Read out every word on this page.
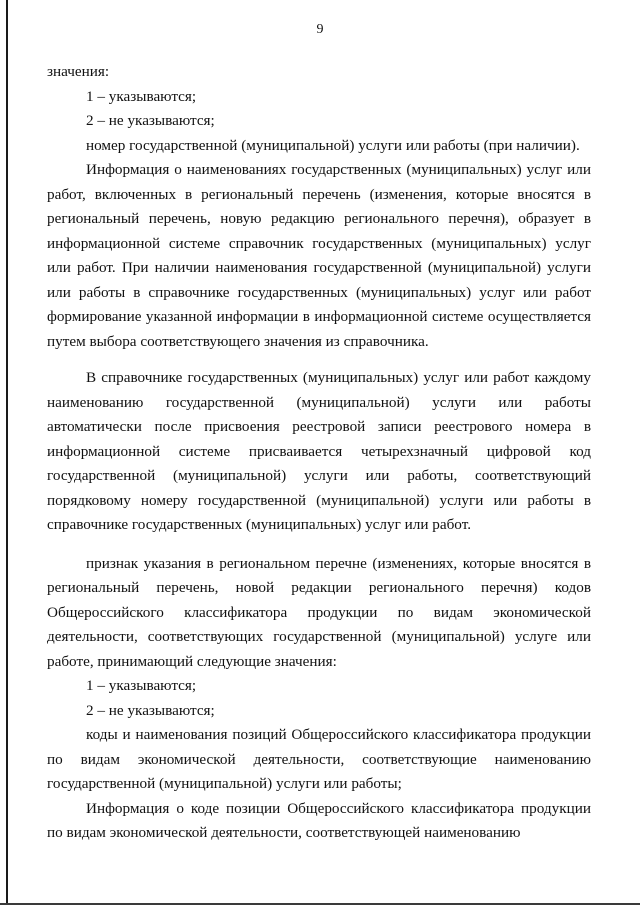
9

значения:

1 – указываются;

2 – не указываются;

номер государственной (муниципальной) услуги или работы (при наличии).

Информация о наименованиях государственных (муниципальных) услуг или работ, включенных в региональный перечень (изменения, которые вносятся в региональный перечень, новую редакцию регионального перечня), образует в информационной системе справочник государственных (муниципальных) услуг или работ. При наличии наименования государственной (муниципальной) услуги или работы в справочнике государственных (муниципальных) услуг или работ формирование указанной информации в информационной системе осуществляется путем выбора соответствующего значения из справочника.

В справочнике государственных (муниципальных) услуг или работ каждому наименованию государственной (муниципальной) услуги или работы автоматически после присвоения реестровой записи реестрового номера в информационной системе присваивается четырехзначный цифровой код государственной (муниципальной) услуги или работы, соответствующий порядковому номеру государственной (муниципальной) услуги или работы в справочнике государственных (муниципальных) услуг или работ.

признак указания в региональном перечне (изменениях, которые вносятся в региональный перечень, новой редакции регионального перечня) кодов Общероссийского классификатора продукции по видам экономической деятельности, соответствующих государственной (муниципальной) услуге или работе, принимающий следующие значения:

1 – указываются;

2 – не указываются;

коды и наименования позиций Общероссийского классификатора продукции по видам экономической деятельности, соответствующие наименованию государственной (муниципальной) услуги или работы;

Информация о коде позиции Общероссийского классификатора продукции по видам экономической деятельности, соответствующей наименованию
